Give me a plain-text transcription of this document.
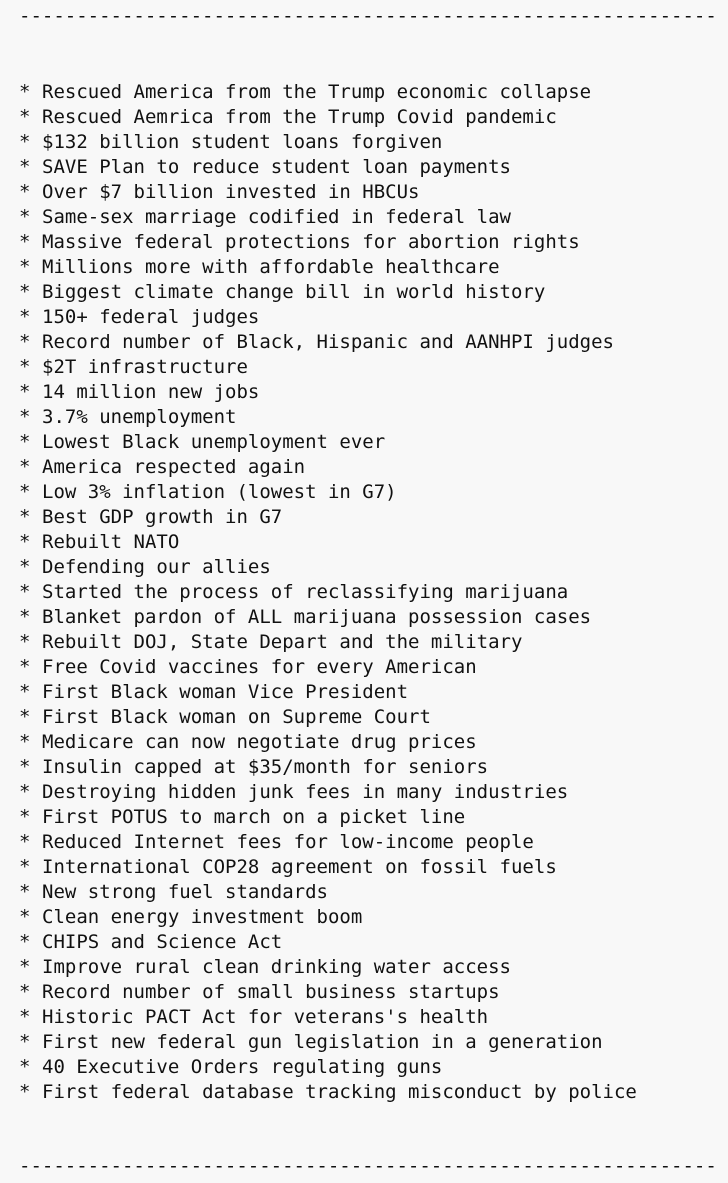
-------------------------------------------------------------
* Rescued America from the Trump economic collapse
* Rescued Aemrica from the Trump Covid pandemic
* $132 billion student loans forgiven
* SAVE Plan to reduce student loan payments
* Over $7 billion invested in HBCUs
* Same-sex marriage codified in federal law
* Massive federal protections for abortion rights
* Millions more with affordable healthcare
* Biggest climate change bill in world history
* 150+ federal judges
* Record number of Black, Hispanic and AANHPI judges
* $2T infrastructure
* 14 million new jobs
* 3.7% unemployment
* Lowest Black unemployment ever
* America respected again
* Low 3% inflation (lowest in G7)
* Best GDP growth in G7
* Rebuilt NATO
* Defending our allies
* Started the process of reclassifying marijuana
* Blanket pardon of ALL marijuana possession cases
* Rebuilt DOJ, State Depart and the military
* Free Covid vaccines for every American
* First Black woman Vice President
* First Black woman on Supreme Court
* Medicare can now negotiate drug prices
* Insulin capped at $35/month for seniors
* Destroying hidden junk fees in many industries
* First POTUS to march on a picket line
* Reduced Internet fees for low-income people
* International COP28 agreement on fossil fuels
* New strong fuel standards
* Clean energy investment boom
* CHIPS and Science Act
* Improve rural clean drinking water access
* Record number of small business startups
* Historic PACT Act for veterans's health
* First new federal gun legislation in a generation
* 40 Executive Orders regulating guns
* First federal database tracking misconduct by police
-------------------------------------------------------------
